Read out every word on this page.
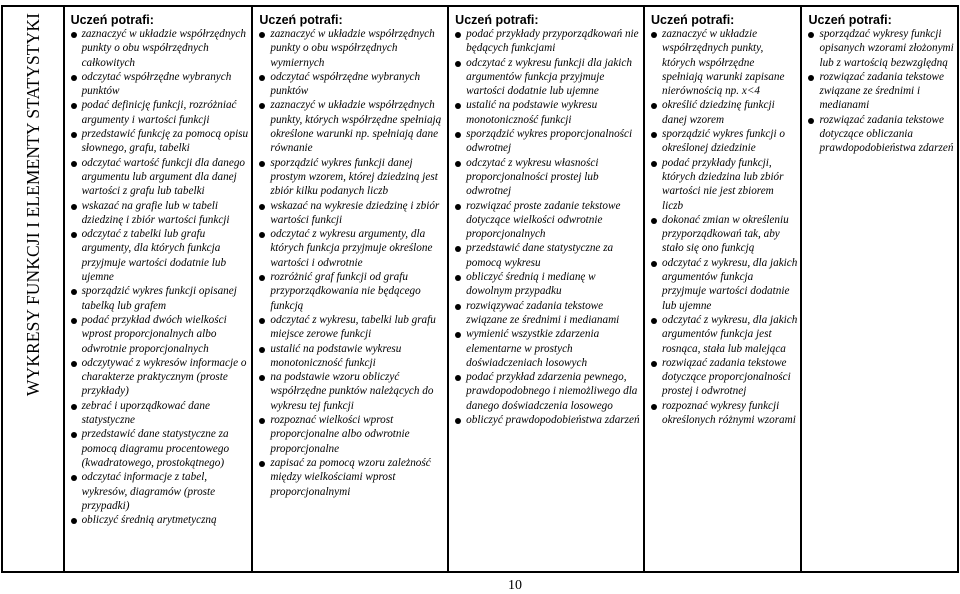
WYKRESY FUNKCJI I ELEMENTY STATYSTYKI	Uczeń potrafi:

zaznaczyć w układzie współrzędnych punkty o obu współrzędnych całkowitych
odczytać współrzędne wybranych punktów
podać definicję funkcji, rozróżniać argumenty i wartości funkcji
przedstawić funkcję za pomocą opisu słownego, grafu, tabelki
odczytać wartość funkcji dla danego argumentu lub argument dla danej wartości z grafu lub tabelki
wskazać na grafie lub w tabeli dziedzinę i zbiór wartości funkcji
odczytać z tabelki lub grafu argumenty, dla których funkcja przyjmuje wartości dodatnie lub ujemne
sporządzić wykres funkcji opisanej tabelką lub grafem
podać przykład dwóch wielkości wprost proporcjonalnych albo odwrotnie proporcjonalnych
odczytywać z wykresów informacje o charakterze praktycznym (proste przykłady)
zebrać i uporządkować dane statystyczne
przedstawić dane statystyczne za pomocą diagramu procentowego (kwadratowego, prostokątnego)
odczytać informacje z tabel, wykresów, diagramów (proste przypadki)
obliczyć średnią arytmetyczną

Uczeń potrafi:

zaznaczyć w układzie współrzędnych punkty o obu współrzędnych wymiernych
odczytać współrzędne wybranych punktów
zaznaczyć w układzie współrzędnych punkty, których współrzędne spełniają określone warunki np. spełniają dane równanie
sporządzić wykres funkcji danej prostym wzorem, której dziedziną jest zbiór kilku podanych liczb
wskazać na wykresie dziedzinę i zbiór wartości funkcji
odczytać z wykresu argumenty, dla których funkcja przyjmuje określone wartości i odwrotnie
rozróżnić graf funkcji od grafu przyporządkowania nie będącego funkcją
odczytać z wykresu, tabelki lub grafu miejsce zerowe funkcji
ustalić na podstawie wykresu monotoniczność funkcji
na podstawie wzoru obliczyć współrzędne punktów należących do wykresu tej funkcji
rozpoznać wielkości wprost proporcjonalne albo odwrotnie proporcjonalne
zapisać za pomocą wzoru zależność między wielkościami wprost proporcjonalnymi

Uczeń potrafi:

podać przykłady przyporządkowań nie będących funkcjami
odczytać z wykresu funkcji dla jakich argumentów funkcja przyjmuje wartości dodatnie lub ujemne
ustalić na podstawie wykresu monotoniczność funkcji
sporządzić wykres proporcjonalności odwrotnej
odczytać z wykresu własności proporcjonalności prostej lub odwrotnej
rozwiązać proste zadanie tekstowe dotyczące wielkości odwrotnie proporcjonalnych
przedstawić dane statystyczne za pomocą wykresu
obliczyć średnią i medianę w dowolnym przypadku
rozwiązywać zadania tekstowe związane ze średnimi i medianami
wymienić wszystkie zdarzenia elementarne w prostych doświadczeniach losowych
podać przykład zdarzenia pewnego, prawdopodobnego i niemożliwego dla danego doświadczenia losowego
obliczyć prawdopodobieństwa zdarzeń

Uczeń potrafi:

zaznaczyć w układzie współrzędnych punkty, których współrzędne spełniają warunki zapisane nierównością np. x<4
określić dziedzinę funkcji danej wzorem
sporządzić wykres funkcji o określonej dziedzinie
podać przykłady funkcji, których dziedzina lub zbiór wartości nie jest zbiorem liczb
dokonać zmian w określeniu przyporządkowań tak, aby stało się ono funkcją
odczytać z wykresu, dla jakich argumentów funkcja przyjmuje wartości dodatnie lub ujemne
odczytać z wykresu, dla jakich argumentów funkcja jest rosnąca, stała lub malejąca
rozwiązać zadania tekstowe dotyczące proporcjonalności prostej i odwrotnej
rozpoznać wykresy funkcji określonych różnymi wzorami

Uczeń potrafi:

sporządzać wykresy funkcji opisanych wzorami złożonymi lub z wartością bezwzględną
rozwiązać zadania tekstowe związane ze średnimi i medianami
rozwiązać zadania tekstowe dotyczące obliczania prawdopodobieństwa zdarzeń
10
